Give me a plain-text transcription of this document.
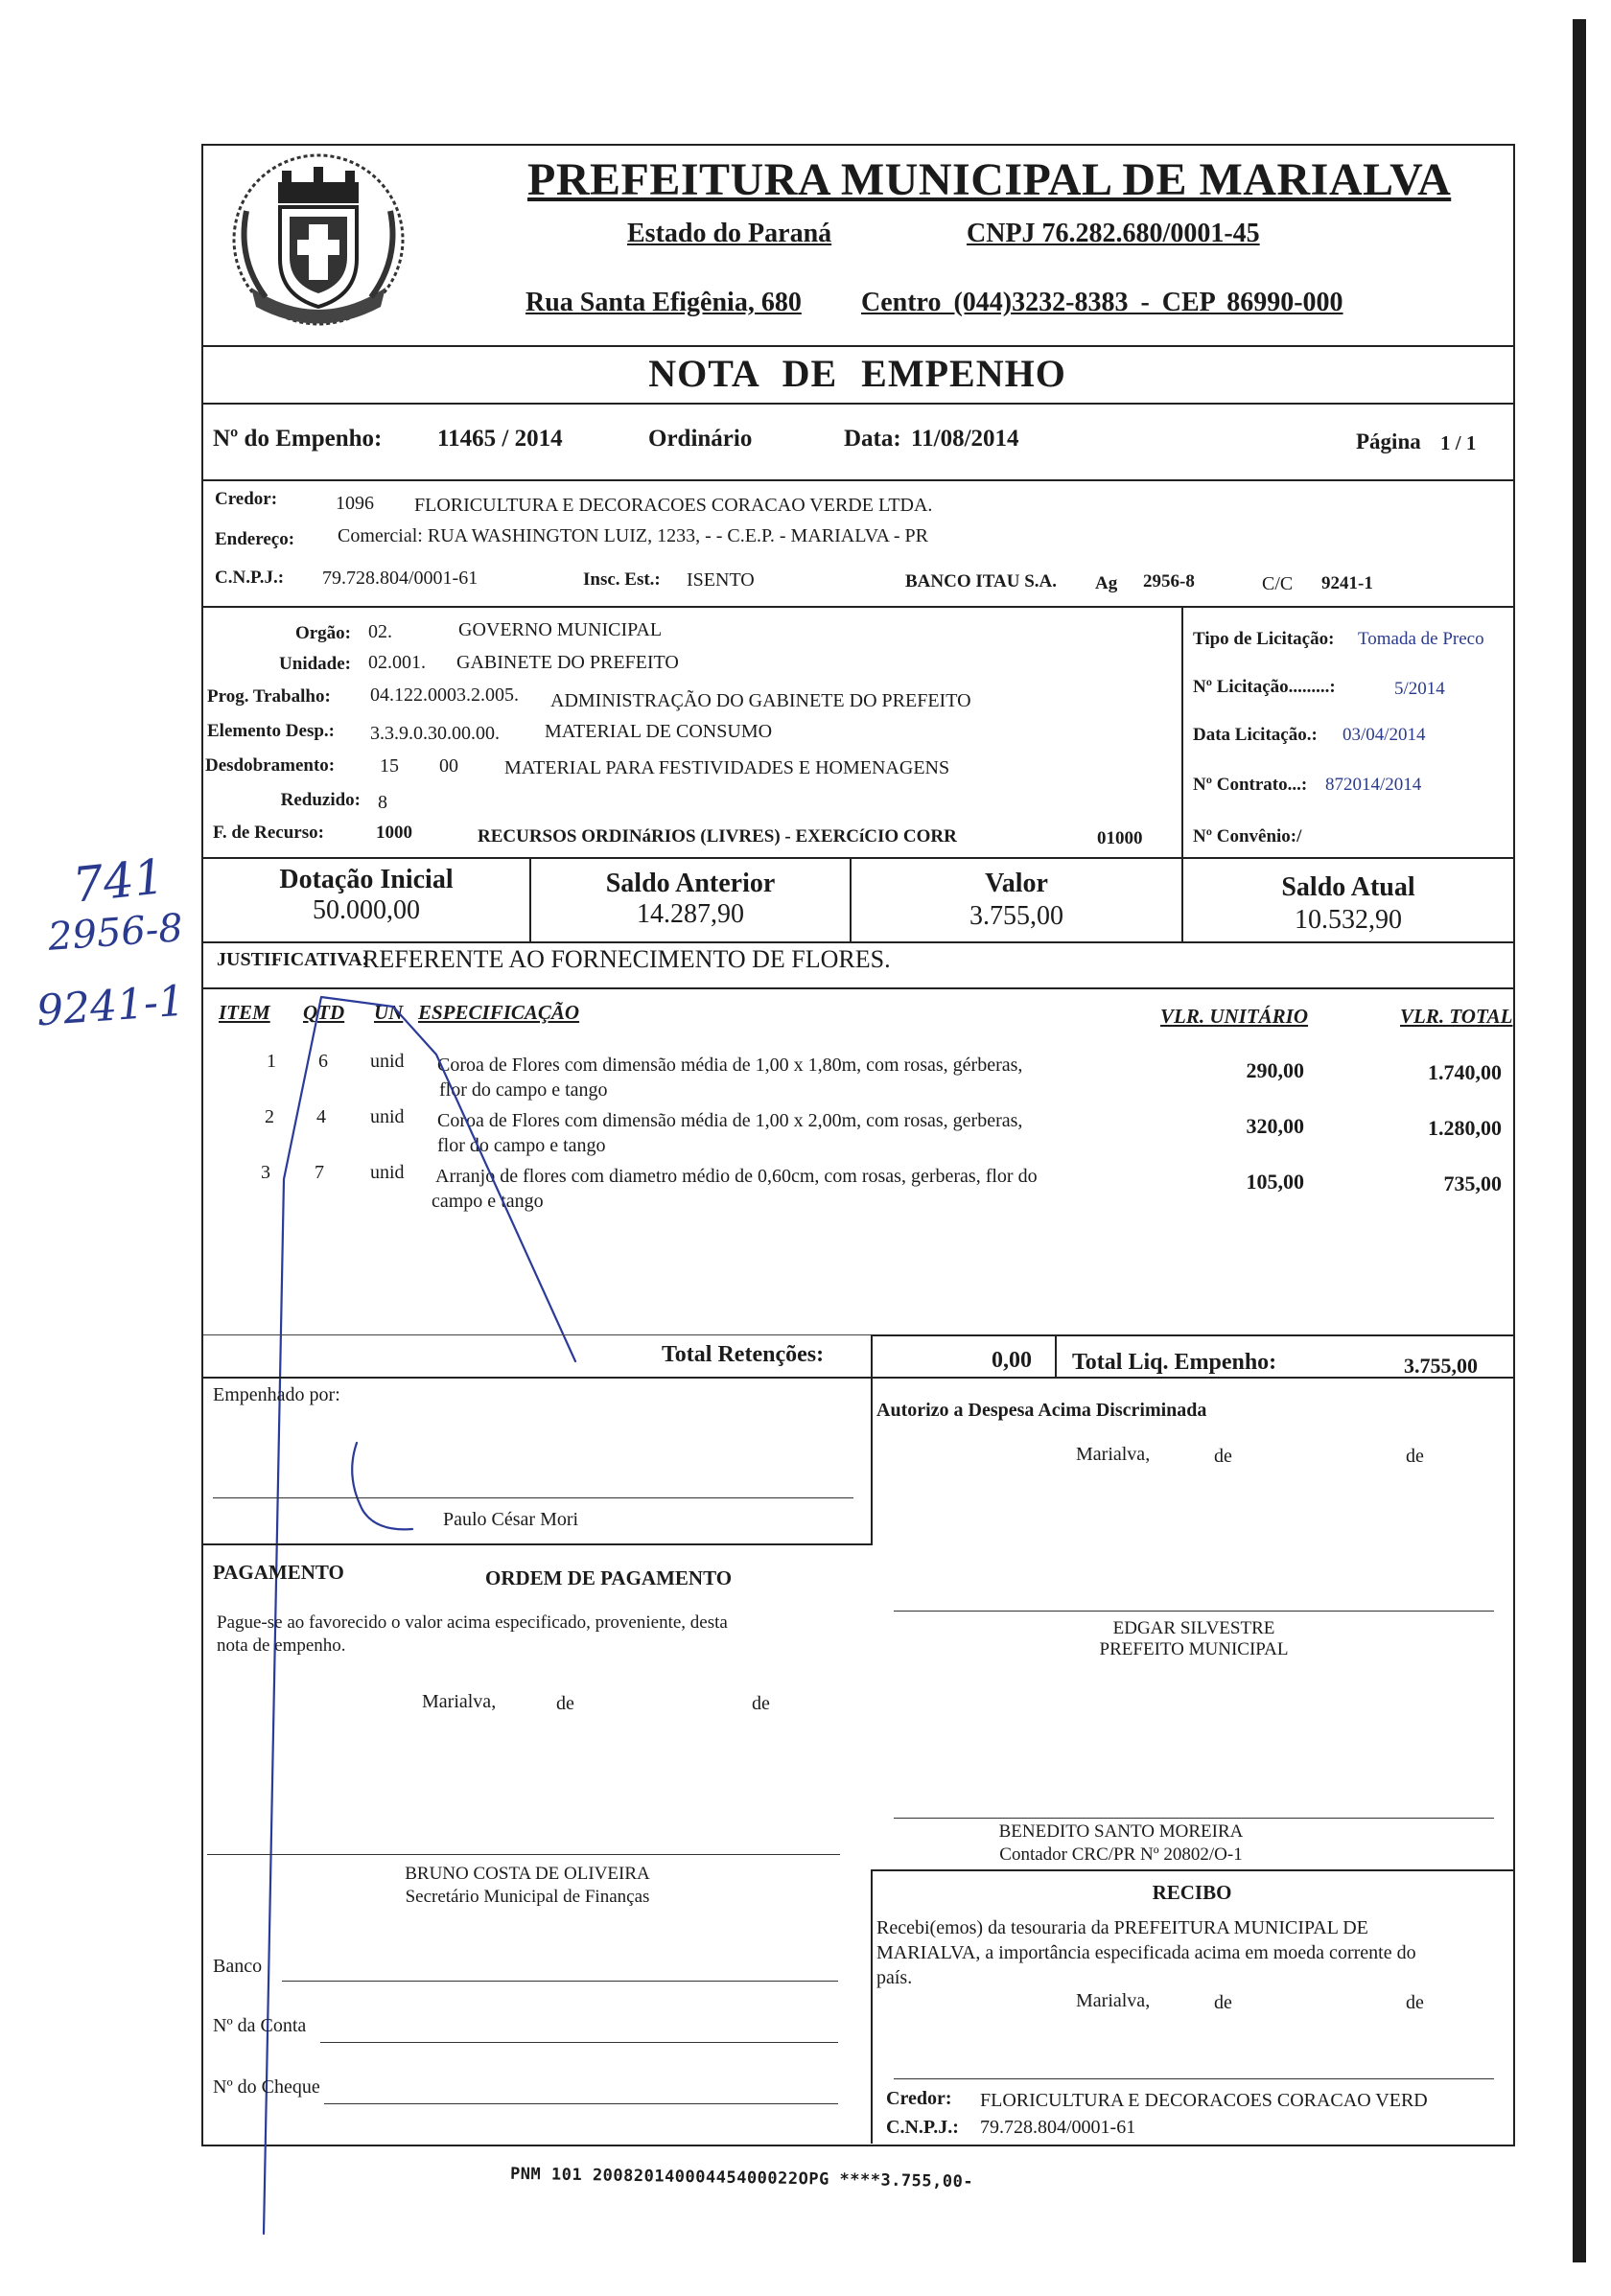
PREFEITURA MUNICIPAL DE MARIALVA
Estado do Paraná	CNPJ 76.282.680/0001-45
Rua Santa Efigênia, 680 Centro (044)3232-8383 - CEP 86990-000
NOTA DE EMPENHO
Nº do Empenho: 11465 / 2014	Ordinário	Data: 11/08/2014	Página 1 / 1
Credor:	1096 FLORICULTURA E DECORACOES CORACAO VERDE LTDA.
Endereço: Comercial: RUA WASHINGTON LUIZ, 1233, - - C.E.P. - MARIALVA - PR
C.N.P.J.: 79.728.804/0001-61	Insc. Est.: ISENTO	BANCO ITAU S.A. Ag 2956-8	C/C 9241-1
Orgão: 02.	GOVERNO MUNICIPAL
Unidade: 02.001. GABINETE DO PREFEITO
Prog. Trabalho: 04.122.0003.2.005. ADMINISTRAÇÃO DO GABINETE DO PREFEITO
Elemento Desp.: 3.3.9.0.30.00.00. MATERIAL DE CONSUMO
Desdobramento: 15 00 MATERIAL PARA FESTIVIDADES E HOMENAGENS
Reduzido: 8
F. de Recurso:	1000	RECURSOS ORDINáRIOS (LIVRES) - EXERCíCIO CORR	01000
Tipo de Licitação: Tomada de Preco
Nº Licitação.........:	5/2014
Data Licitação.: 03/04/2014
Nº Contrato...: 872014/2014
Nº Convênio:/
Dotação Inicial
50.000,00
Saldo Anterior
14.287,90
Valor
3.755,00
Saldo Atual
10.532,90
JUSTIFICATIVA:
REFERENTE AO FORNECIMENTO DE FLORES.
ITEM QTD UN ESPECIFICAÇÃO	VLR. UNITÁRIO	VLR. TOTAL
1 6 unid Coroa de Flores com dimensão média de 1,00 x 1,80m, com rosas, gérberas,
flor do campo e tango
290,00	1.740,00
2 4 unid Coroa de Flores com dimensão média de 1,00 x 2,00m, com rosas, gerberas,
flor do campo e tango
320,00	1.280,00
3 7 unid Arranjo de flores com diametro médio de 0,60cm, com rosas, gerberas, flor do
campo e tango
105,00	735,00
Total Retenções:	0,00 Total Liq. Empenho:	3.755,00
Empenhado por:
Paulo César Mori
Autorizo a Despesa Acima Discriminada
Marialva,	de	de
PAGAMENTO	ORDEM DE PAGAMENTO
Pague-se ao favorecido o valor acima especificado, proveniente, desta
nota de empenho.
Marialva,	de	de
EDGAR SILVESTRE
PREFEITO MUNICIPAL
BENEDITO SANTO MOREIRA
Contador CRC/PR Nº 20802/O-1
BRUNO COSTA DE OLIVEIRA
Secretário Municipal de Finanças	RECIBO
Recebi(emos) da tesouraria da PREFEITURA MUNICIPAL DE
MARIALVA, a importância especificada acima em moeda corrente do
país.
Marialva,	de	de
Banco
Nº da Conta
Nº do Cheque
Credor: FLORICULTURA E DECORACOES CORACAO VERD
C.N.P.J.: 79.728.804/0001-61
741
2956-8
9241-1
PNM 101 20082014000445400022OPG ****3.755,00-
